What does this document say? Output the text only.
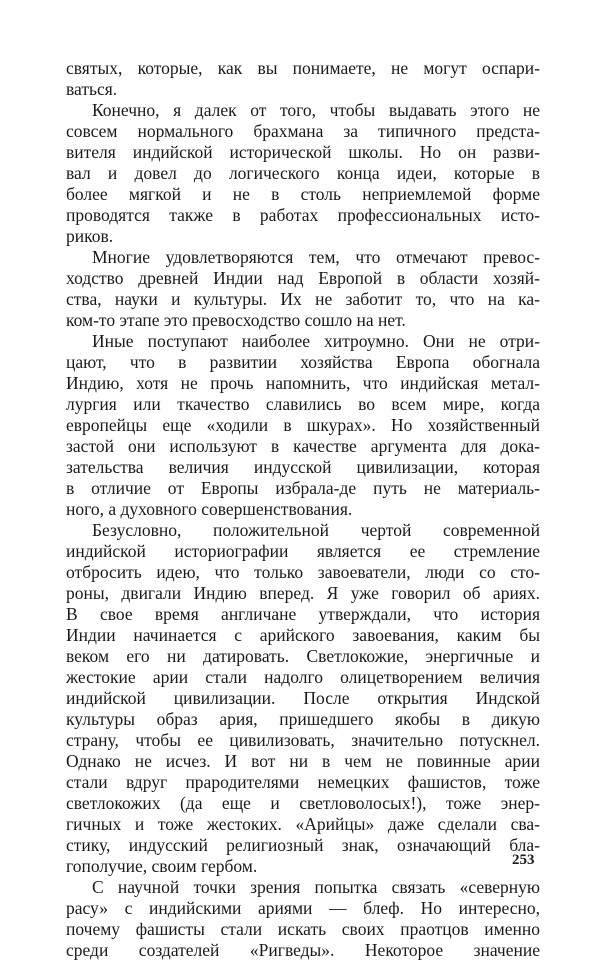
святых, которые, как вы понимаете, не могут оспари-
ваться.
Конечно, я далек от того, чтобы выдавать этого не
совсем нормального брахмана за типичного предста-
вителя индийской исторической школы. Но он разви-
вал и довел до логического конца идеи, которые в
более мягкой и не в столь неприемлемой форме
проводятся также в работах профессиональных исто-
риков.
Многие удовлетворяются тем, что отмечают превос-
ходство древней Индии над Европой в области хозяй-
ства, науки и культуры. Их не заботит то, что на ка-
ком-то этапе это превосходство сошло на нет.
Иные поступают наиболее хитроумно. Они не отри-
цают, что в развитии хозяйства Европа обогнала
Индию, хотя не прочь напомнить, что индийская метал-
лургия или ткачество славились во всем мире, когда
европейцы еще «ходили в шкурах». Но хозяйственный
застой они используют в качестве аргумента для дока-
зательства величия индусской цивилизации, которая
в отличие от Европы избрала-де путь не материаль-
ного, а духовного совершенствования.
Безусловно, положительной чертой современной
индийской историографии является ее стремление
отбросить идею, что только завоеватели, люди со сто-
роны, двигали Индию вперед. Я уже говорил об ариях.
В свое время англичане утверждали, что история
Индии начинается с арийского завоевания, каким бы
веком его ни датировать. Светлокожие, энергичные и
жестокие арии стали надолго олицетворением величия
индийской цивилизации. После открытия Индской
культуры образ ария, пришедшего якобы в дикую
страну, чтобы ее цивилизовать, значительно потускнел.
Однако не исчез. И вот ни в чем не повинные арии
стали вдруг прародителями немецких фашистов, тоже
светлокожих (да еще и светловолосых!), тоже энер-
гичных и тоже жестоких. «Арийцы» даже сделали сва-
стику, индусский религиозный знак, означающий бла-
гополучие, своим гербом.
С научной точки зрения попытка связать «северную
расу» с индийскими ариями — блеф. Но интересно,
почему фашисты стали искать своих праотцов именно
среди создателей «Ригведы». Некоторое значение
253
